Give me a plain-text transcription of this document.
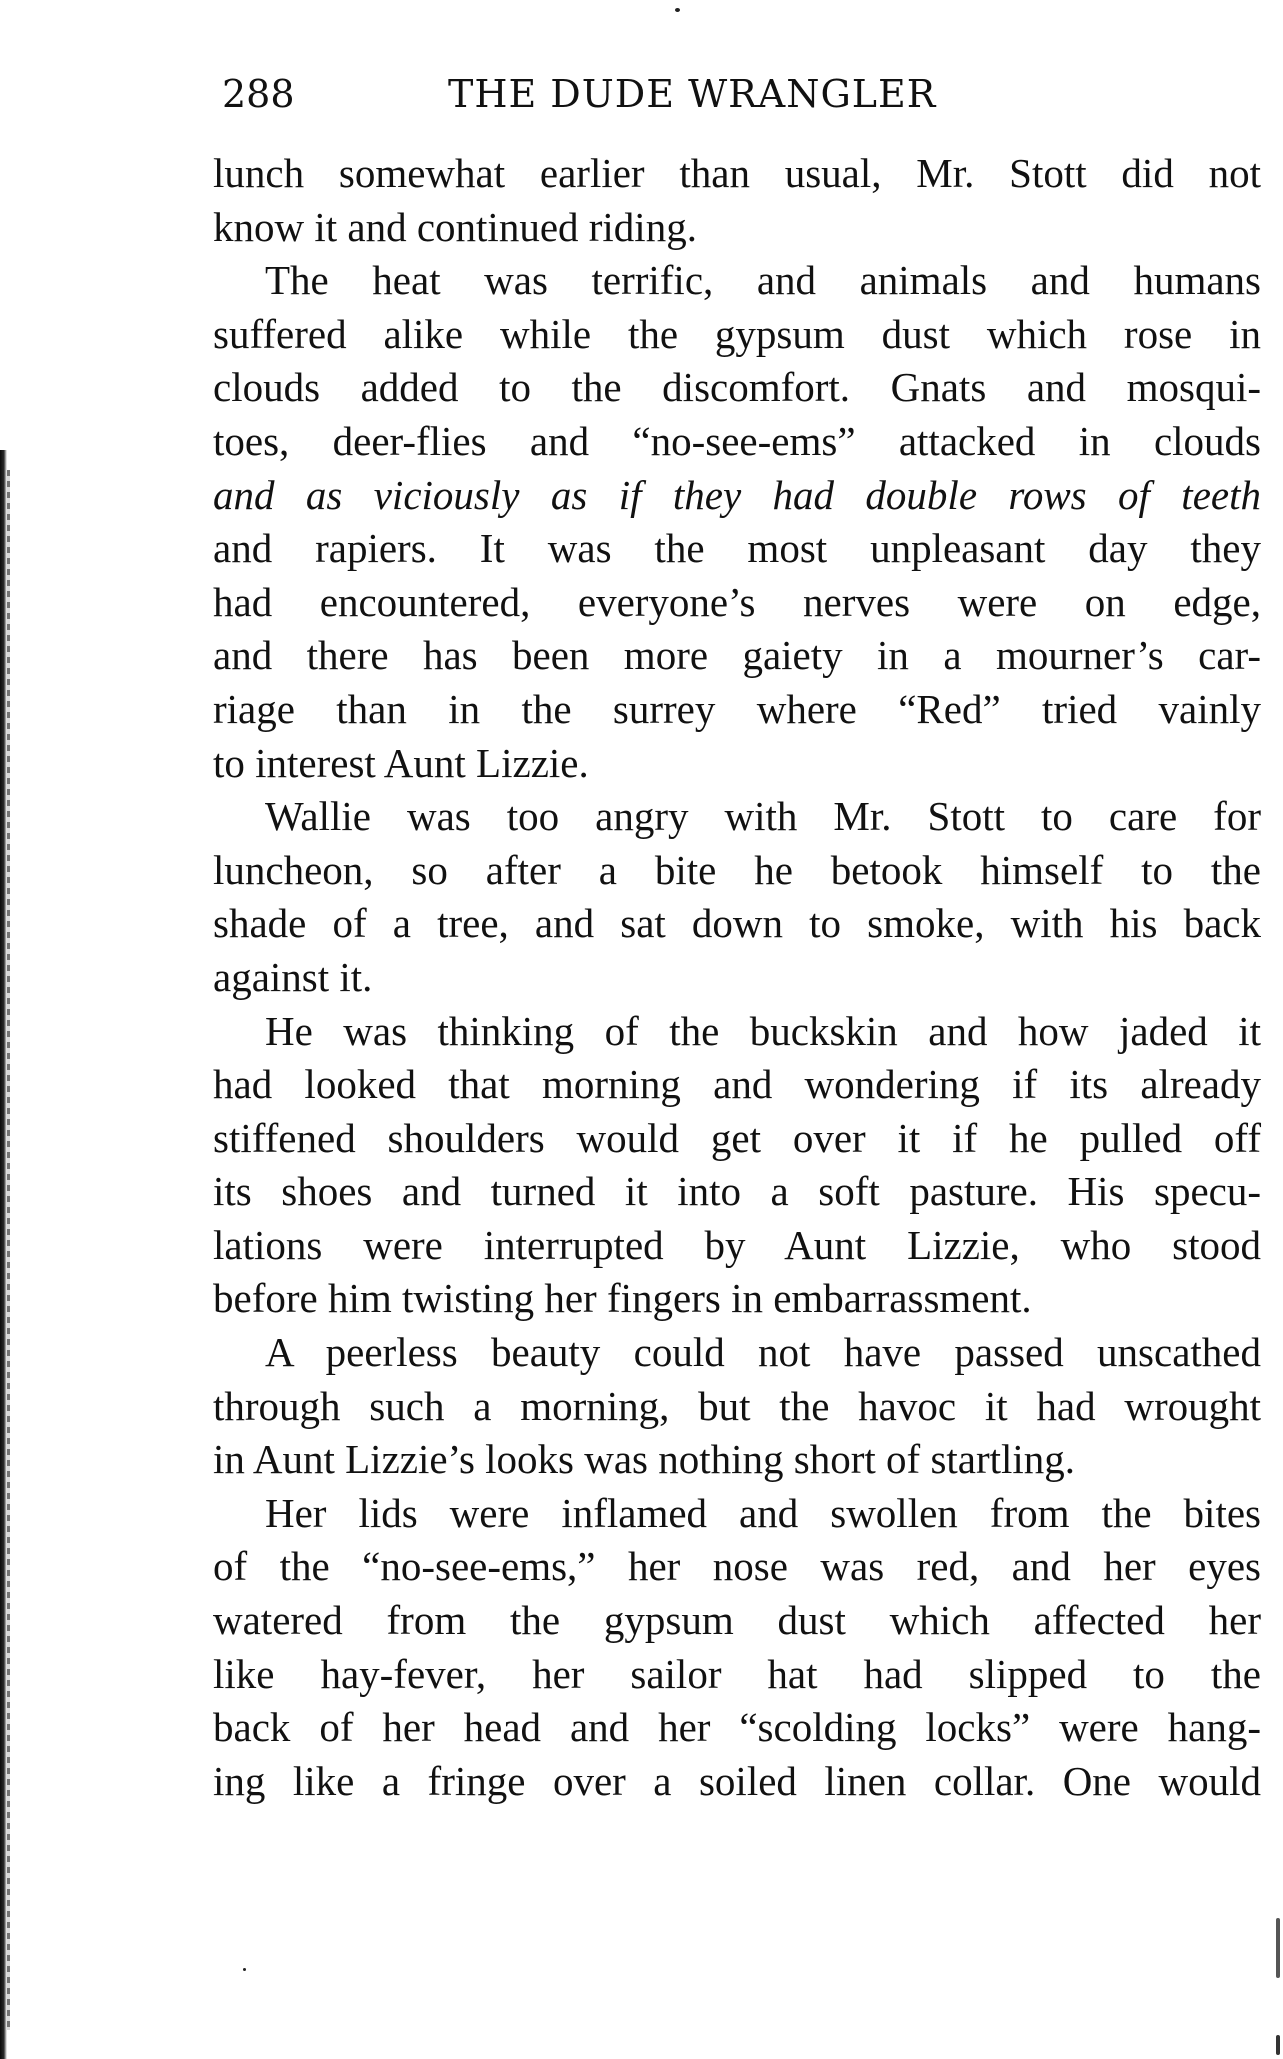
288	THE DUDE WRANGLER
lunch somewhat earlier than usual, Mr. Stott did not
know it and continued riding.
The heat was terrific, and animals and humans
suffered alike while the gypsum dust which rose in
clouds added to the discomfort. Gnats and mosqui-
toes, deer-flies and “no-see-ems” attacked in clouds
and as viciously as if they had double rows of teeth
and rapiers. It was the most unpleasant day they
had encountered, everyone’s nerves were on edge,
and there has been more gaiety in a mourner’s car-
riage than in the surrey where “Red” tried vainly
to interest Aunt Lizzie.
Wallie was too angry with Mr. Stott to care for
luncheon, so after a bite he betook himself to the
shade of a tree, and sat down to smoke, with his back
against it.
He was thinking of the buckskin and how jaded it
had looked that morning and wondering if its already
stiffened shoulders would get over it if he pulled off
its shoes and turned it into a soft pasture. His specu-
lations were interrupted by Aunt Lizzie, who stood
before him twisting her fingers in embarrassment.
A peerless beauty could not have passed unscathed
through such a morning, but the havoc it had wrought
in Aunt Lizzie’s looks was nothing short of startling.
Her lids were inflamed and swollen from the bites
of the “no-see-ems,” her nose was red, and her eyes
watered from the gypsum dust which affected her
like hay-fever, her sailor hat had slipped to the
back of her head and her “scolding locks” were hang-
ing like a fringe over a soiled linen collar. One would
